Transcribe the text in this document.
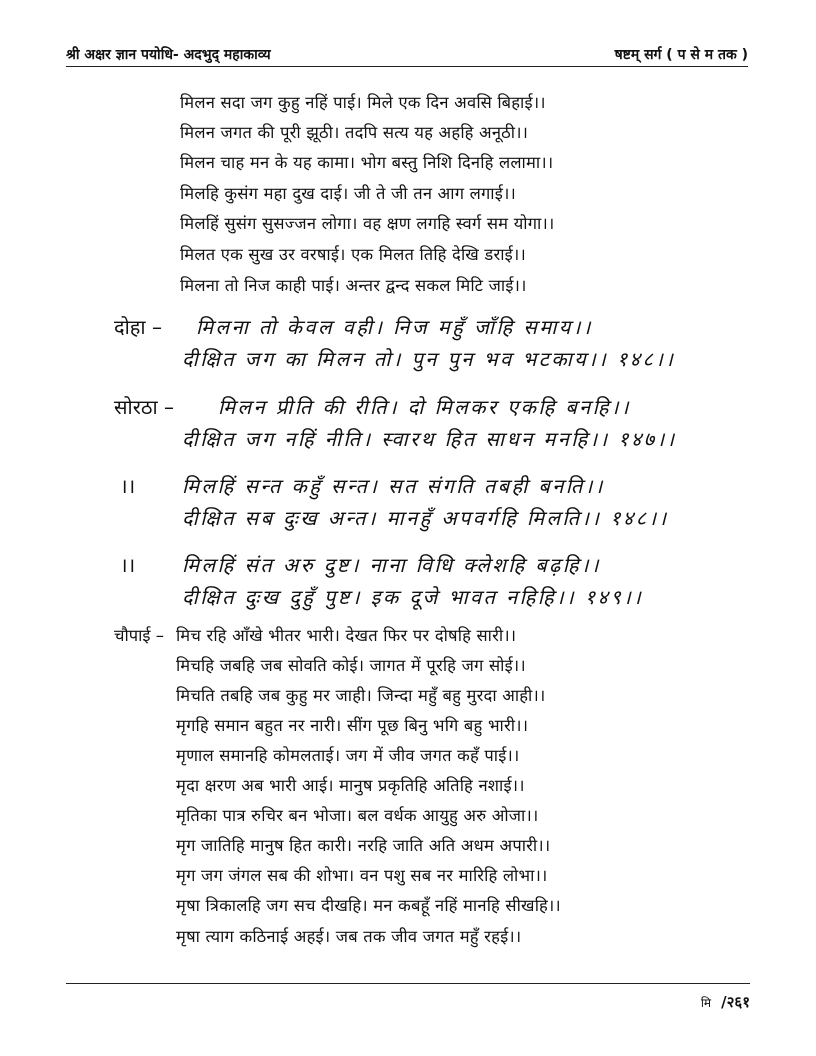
श्री अक्षर ज्ञान पयोधि- अदभुद् महाकाव्य	षष्टम् सर्ग ( प से म तक )
मिलन सदा जग कुहु नहिं पाई। मिले एक दिन अवसि बिहाई।।
मिलन जगत की पूरी झूठी। तदपि सत्य यह अहहि अनूठी।।
मिलन चाह मन के यह कामा। भोग बस्तु निशि दिनहि ललामा।।
मिलहि कुसंग महा दुख दाई। जी ते जी तन आग लगाई।।
मिलहिं सुसंग सुसज्जन लोगा। वह क्षण लगहि स्वर्ग सम योगा।।
मिलत एक सुख उर वरषाई। एक मिलत तिहि देखि डराई।।
मिलना तो निज काही पाई। अन्तर द्वन्द सकल मिटि जाई।।
दोहा – मिलना तो केवल वही। निज महुँ जाँहि समाय।।
दीक्षित जग का मिलन तो। पुन पुन भव भटकाय।। १४८।।
सोरठा – मिलन प्रीति की रीति। दो मिलकर एकहि बनहि।।
दीक्षित जग नहिं नीति। स्वारथ हित साधन मनहि।। १४७।।
।। मिलहिं सन्त कहुँ सन्त। सत संगति तबही बनति।।
दीक्षित सब दुःख अन्त। मानहुँ अपवर्गहि मिलति।। १४८।।
।। मिलहिं संत अरु दुष्ट। नाना विधि क्लेशहि बढ़हि।।
दीक्षित दुःख दुहुँ पुष्ट। इक दूजे भावत नहिहि।। १४९।।
चौपाई – मिच रहि आँखे भीतर भारी। देखत फिर पर दोषहि सारी।।
मिचहि जबहि जब सोवति कोई। जागत में पूरहि जग सोई।।
मिचति तबहि जब कुहु मर जाही। जिन्दा महुँ बहु मुरदा आही।।
मृगहि समान बहुत नर नारी। सींग पूछ बिनु भगि बहु भारी।।
मृणाल समानहि कोमलताई। जग में जीव जगत कहँ पाई।।
मृदा क्षरण अब भारी आई। मानुष प्रकृतिहि अतिहि नशाई।।
मृतिका पात्र रुचिर बन भोजा। बल वर्धक आयुहु अरु ओजा।।
मृग जातिहि मानुष हित कारी। नरहि जाति अति अधम अपारी।।
मृग जग जंगल सब की शोभा। वन पशु सब नर मारिहि लोभा।।
मृषा त्रिकालहि जग सच दीखहि। मन कबहूँ नहिं मानहि सीखहि।।
मृषा त्याग कठिनाई अहई। जब तक जीव जगत महुँ रहई।।
मि /२६१
